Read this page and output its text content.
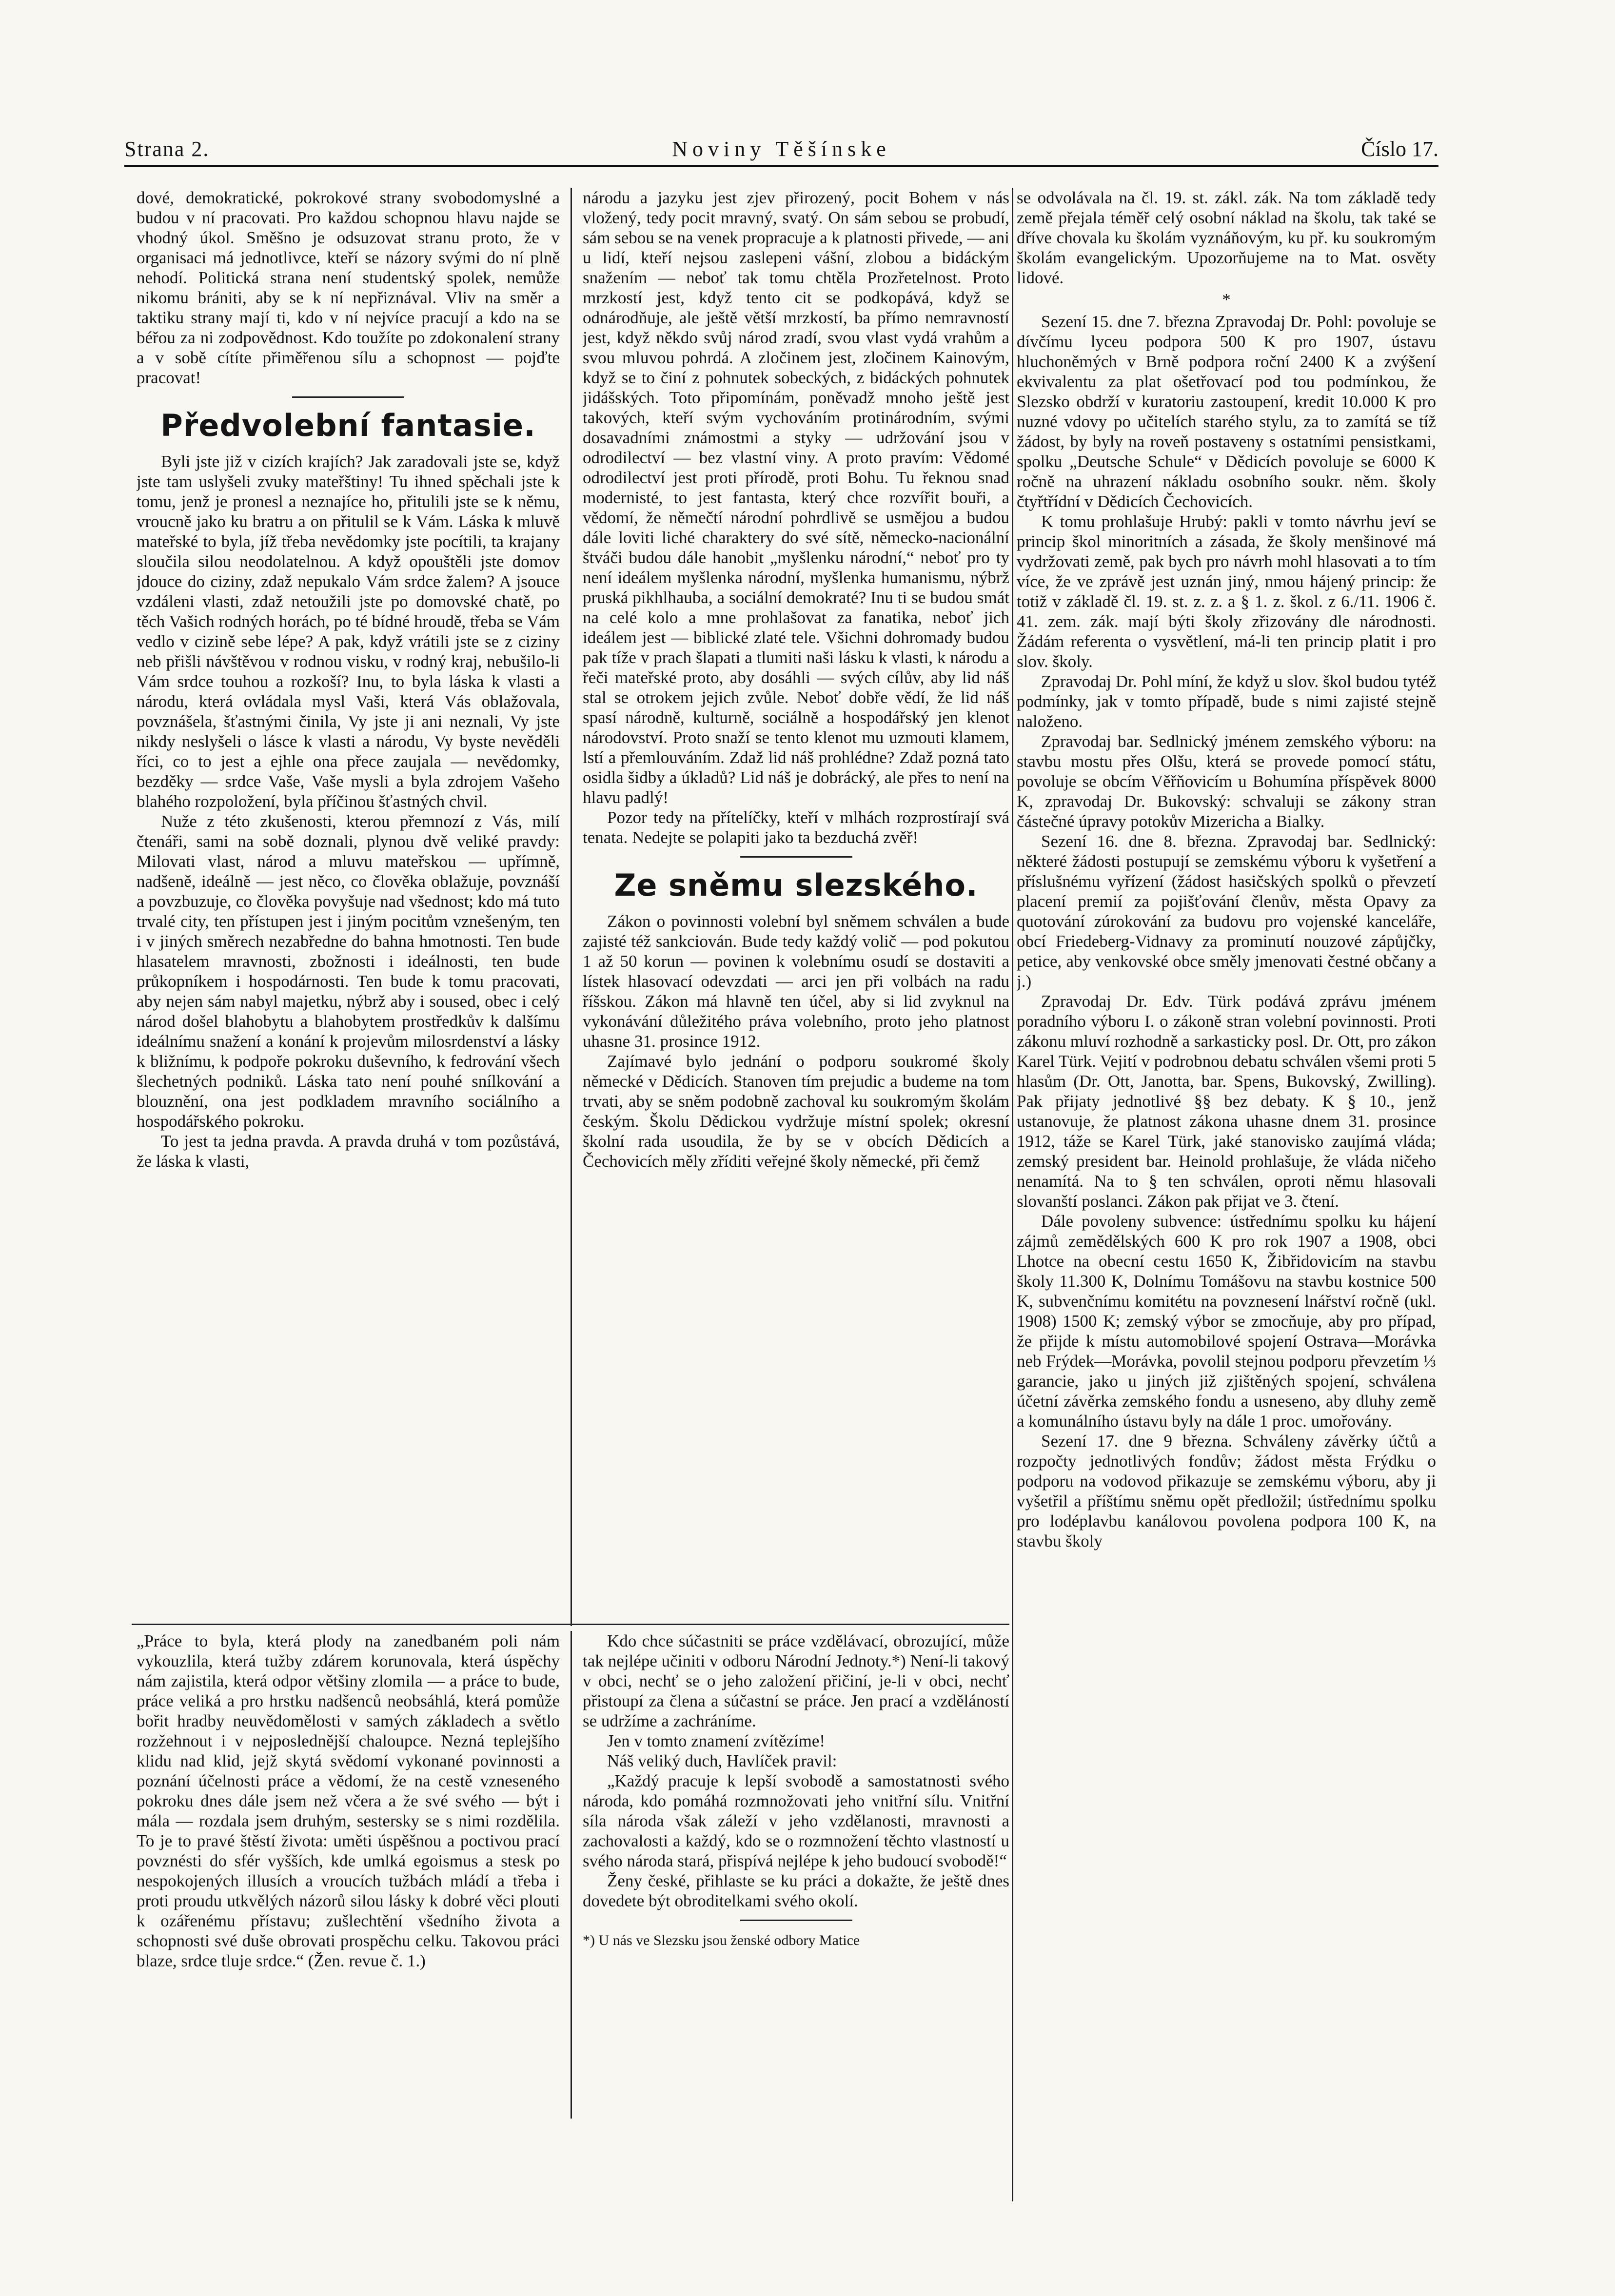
Strana 2.	Noviny Těšínske	Číslo 17.

dové, demokratické, pokrokové strany svobodomyslné a budou v ní pracovati. Pro každou schopnou hlavu najde se vhodný úkol. Směšno je odsuzovat stranu proto, že v organisaci má jednotlivce, kteří se názory svými do ní plně nehodí. Politická strana není studentský spolek, nemůže nikomu brániti, aby se k ní nepřiznával. Vliv na směr a taktiku strany mají ti, kdo v ní nejvíce pracují a kdo na se béřou za ni zodpovědnost. Kdo toužíte po zdokonalení strany a v sobě cítíte přiměřenou sílu a schopnost — pojďte pracovat!

Předvolební fantasie.

Byli jste již v cizích krajích? Jak zaradovali jste se, když jste tam uslyšeli zvuky mateřštiny! Tu ihned spěchali jste k tomu, jenž je pronesl a neznajíce ho, přitulili jste se k němu, vroucně jako ku bratru a on přitulil se k Vám. Láska k mluvě mateřské to byla, jíž třeba nevědomky jste pocítili, ta krajany sloučila silou neodolatelnou. A když opouštěli jste domov jdouce do ciziny, zdaž nepukalo Vám srdce žalem? A jsouce vzdáleni vlasti, zdaž netoužili jste po domovské chatě, po těch Vašich rodných horách, po té bídné hroudě, třeba se Vám vedlo v cizině sebe lépe? A pak, když vrátili jste se z ciziny neb přišli návštěvou v rodnou visku, v rodný kraj, nebušilo-li Vám srdce touhou a rozkoší? Inu, to byla láska k vlasti a národu, která ovládala mysl Vaši, která Vás oblažovala, povznášela, šťastnými činila, Vy jste ji ani neznali, Vy jste nikdy neslyšeli o lásce k vlasti a národu, Vy byste nevěděli říci, co to jest a ejhle ona přece zaujala — nevědomky, bezděky — srdce Vaše, Vaše mysli a byla zdrojem Vašeho blahého rozpoložení, byla příčinou šťastných chvil.

Nuže z této zkušenosti, kterou přemnozí z Vás, milí čtenáři, sami na sobě doznali, plynou dvě veliké pravdy: Milovati vlast, národ a mluvu mateřskou — upřímně, nadšeně, ideálně — jest něco, co člověka oblažuje, povznáší a povzbuzuje, co člověka povyšuje nad všednost; kdo má tuto trvalé city, ten přístupen jest i jiným pocitům vznešeným, ten i v jiných směrech nezabředne do bahna hmotnosti. Ten bude hlasatelem mravnosti, zbožnosti i ideálnosti, ten bude průkopníkem i hospodárnosti. Ten bude k tomu pracovati, aby nejen sám nabyl majetku, nýbrž aby i soused, obec i celý národ došel blahobytu a blahobytem prostředkův k dalšímu ideálnímu snažení a konání k projevům milosrdenství a lásky k bližnímu, k podpoře pokroku duševního, k fedrování všech šlechetných podniků. Láska tato není pouhé snílkování a blouznění, ona jest podkladem mravního sociálního a hospodářského pokroku.

To jest ta jedna pravda. A pravda druhá v tom pozůstává, že láska k vlasti,

národu a jazyku jest zjev přirozený, pocit Bohem v nás vložený, tedy pocit mravný, svatý. On sám sebou se probudí, sám sebou se na venek propracuje a k platnosti přivede, — ani u lidí, kteří nejsou zaslepeni vášní, zlobou a bidáckým snažením — neboť tak tomu chtěla Prozřetelnost. Proto mrzkostí jest, když tento cit se podkopává, když se odnárodňuje, ale ještě větší mrzkostí, ba přímo nemravností jest, když někdo svůj národ zradí, svou vlast vydá vrahům a svou mluvou pohrdá. A zločinem jest, zločinem Kainovým, když se to činí z pohnutek sobeckých, z bidáckých pohnutek jidášských. Toto připomínám, poněvadž mnoho ještě jest takových, kteří svým vychováním protinárodním, svými dosavadními známostmi a styky — udržování jsou v odrodilectví — bez vlastní viny. A proto pravím: Vědomé odrodilectví jest proti přírodě, proti Bohu. Tu řeknou snad modernisté, to jest fantasta, který chce rozvířit bouři, a vědomí, že němečtí národní pohrdlivě se usmějou a budou dále loviti liché charaktery do své sítě, německo-nacionální štváči budou dále hanobit „myšlenku národní,“ neboť pro ty není ideálem myšlenka národní, myšlenka humanismu, nýbrž pruská pikhlhauba, a sociální demokraté? Inu ti se budou smát na celé kolo a mne prohlašovat za fanatika, neboť jich ideálem jest — biblické zlaté tele. Všichni dohromady budou pak tíže v prach šlapati a tlumiti naši lásku k vlasti, k národu a řeči mateřské proto, aby dosáhli — svých cílův, aby lid náš stal se otrokem jejich zvůle. Neboť dobře vědí, že lid náš spasí národně, kulturně, sociálně a hospodářský jen klenot národovství. Proto snaží se tento klenot mu uzmouti klamem, lstí a přemlouváním. Zdaž lid náš prohlédne? Zdaž pozná tato osidla šidby a úkladů? Lid náš je dobrácký, ale přes to není na hlavu padlý!

Pozor tedy na přítelíčky, kteří v mlhách rozprostírají svá tenata. Nedejte se polapiti jako ta bezduchá zvěř!

Ze sněmu slezského.

Zákon o povinnosti volební byl sněmem schválen a bude zajisté též sankciován. Bude tedy každý volič — pod pokutou 1 až 50 korun — povinen k volebnímu osudí se dostaviti a lístek hlasovací odevzdati — arci jen při volbách na radu říšskou. Zákon má hlavně ten účel, aby si lid zvyknul na vykonávání důležitého práva volebního, proto jeho platnost uhasne 31. prosince 1912.

Zajímavé bylo jednání o podporu soukromé školy německé v Dědicích. Stanoven tím prejudic a budeme na tom trvati, aby se sněm podobně zachoval ku soukromým školám českým. Školu Dědickou vydržuje místní spolek; okresní školní rada usoudila, že by se v obcích Dědicích a Čechovicích měly zříditi veřejné školy německé, při čemž

se odvolávala na čl. 19. st. zákl. zák. Na tom základě tedy země přejala téměř celý osobní náklad na školu, tak také se dříve chovala ku školám vyznáňovým, ku př. ku soukromým školám evangelickým. Upozorňujeme na to Mat. osvěty lidové.

*

Sezení 15. dne 7. března Zpravodaj Dr. Pohl: povoluje se dívčímu lyceu podpora 500 K pro 1907, ústavu hluchoněmých v Brně podpora roční 2400 K a zvýšení ekvivalentu za plat ošetřovací pod tou podmínkou, že Slezsko obdrží v kuratoriu zastoupení, kredit 10.000 K pro nuzné vdovy po učitelích starého stylu, za to zamítá se tíž žádost, by byly na roveň postaveny s ostatními pensistkami, spolku „Deutsche Schule“ v Dědicích povoluje se 6000 K ročně na uhrazení nákladu osobního soukr. něm. školy čtyřtřídní v Dědicích Čechovicích.

K tomu prohlašuje Hrubý: pakli v tomto návrhu jeví se princip škol minoritních a zásada, že školy menšinové má vydržovati země, pak bych pro návrh mohl hlasovati a to tím více, že ve zprávě jest uznán jiný, nmou hájený princip: že totiž v základě čl. 19. st. z. z. a § 1. z. škol. z 6./11. 1906 č. 41. zem. zák. mají býti školy zřizovány dle národnosti. Žádám referenta o vysvětlení, má-li ten princip platit i pro slov. školy.

Zpravodaj Dr. Pohl míní, že když u slov. škol budou tytéž podmínky, jak v tomto případě, bude s nimi zajisté stejně naloženo.

Zpravodaj bar. Sedlnický jménem zemského výboru: na stavbu mostu přes Olšu, která se provede pomocí státu, povoluje se obcím Věřňovicím u Bohumína příspěvek 8000 K, zpravodaj Dr. Bukovský: schvaluji se zákony stran částečné úpravy potokův Mizericha a Bialky.

Sezení 16. dne 8. března. Zpravodaj bar. Sedlnický: některé žádosti postupují se zemskému výboru k vyšetření a příslušnému vyřízení (žádost hasičských spolků o převzetí placení premií za pojišťování členův, města Opavy za quotování zúrokování za budovu pro vojenské kanceláře, obcí Friedeberg-Vidnavy za prominutí nouzové zápůjčky, petice, aby venkovské obce směly jmenovati čestné občany a j.)

Zpravodaj Dr. Edv. Türk podává zprávu jménem poradního výboru I. o zákoně stran volební povinnosti. Proti zákonu mluví rozhodně a sarkasticky posl. Dr. Ott, pro zákon Karel Türk. Vejití v podrobnou debatu schválen všemi proti 5 hlasům (Dr. Ott, Janotta, bar. Spens, Bukovský, Zwilling). Pak přijaty jednotlivé §§ bez debaty. K § 10., jenž ustanovuje, že platnost zákona uhasne dnem 31. prosince 1912, táže se Karel Türk, jaké stanovisko zaujímá vláda; zemský president bar. Heinold prohlašuje, že vláda ničeho nenamítá. Na to § ten schválen, oproti němu hlasovali slovanští poslanci. Zákon pak přijat ve 3. čtení.

Dále povoleny subvence: ústřednímu spolku ku hájení zájmů zemědělských 600 K pro rok 1907 a 1908, obci Lhotce na obecní cestu 1650 K, Žibřidovicím na stavbu školy 11.300 K, Dolnímu Tomášovu na stavbu kostnice 500 K, subvenčnímu komitétu na povznesení lnářství ročně (ukl. 1908) 1500 K; zemský výbor se zmocňuje, aby pro případ, že přijde k místu automobilové spojení Ostrava—Morávka neb Frýdek—Morávka, povolil stejnou podporu převzetím ⅓ garancie, jako u jiných již zjištěných spojení, schválena účetní závěrka zemského fondu a usneseno, aby dluhy země a komunálního ústavu byly na dále 1 proc. umořovány.

Sezení 17. dne 9 března. Schváleny závěrky účtů a rozpočty jednotlivých fondův; žádost města Frýdku o podporu na vodovod přikazuje se zemskému výboru, aby ji vyšetřil a příštímu sněmu opět předložil; ústřednímu spolku pro lodéplavbu kanálovou povolena podpora 100 K, na stavbu školy

„Práce to byla, která plody na zanedbaném poli nám vykouzlila, která tužby zdárem korunovala, která úspěchy nám zajistila, která odpor většiny zlomila — a práce to bude, práce veliká a pro hrstku nadšenců neobsáhlá, která pomůže bořit hradby neuvědomělosti v samých základech a světlo rozžehnout i v nejposlednější chaloupce. Nezná teplejšího klidu nad klid, jejž skytá svědomí vykonané povinnosti a poznání účelnosti práce a vědomí, že na cestě vzneseného pokroku dnes dále jsem než včera a že své svého — být i mála — rozdala jsem druhým, sestersky se s nimi rozdělila. To je to pravé štěstí života: uměti úspěšnou a poctivou prací povznésti do sfér vyšších, kde umlká egoismus a stesk po nespokojených illusích a vroucích tužbách mládí a třeba i proti proudu utkvělých názorů silou lásky k dobré věci plouti k ozářenému přístavu; zušlechtění všedního života a schopnosti své duše obrovati prospěchu celku. Takovou práci blaze, srdce tluje srdce.“ (Žen. revue č. 1.)

Kdo chce súčastniti se práce vzdělávací, obrozující, může tak nejlépe učiniti v odboru Národní Jednoty.*) Není-li takový v obci, nechť se o jeho založení přičiní, je-li v obci, nechť přistoupí za člena a súčastní se práce. Jen prací a vzděláností se udržíme a zachráníme.

Jen v tomto znamení zvítězíme!

Náš veliký duch, Havlíček pravil:

„Každý pracuje k lepší svobodě a samostatnosti svého národa, kdo pomáhá rozmnožovati jeho vnitřní sílu. Vnitřní síla národa však záleží v jeho vzdělanosti, mravnosti a zachovalosti a každý, kdo se o rozmnožení těchto vlastností u svého národa stará, přispívá nejlépe k jeho budoucí svobodě!“

Ženy české, přihlaste se ku práci a dokažte, že ještě dnes dovedete být obroditelkami svého okolí.

*) U nás ve Slezsku jsou ženské odbory Matice
